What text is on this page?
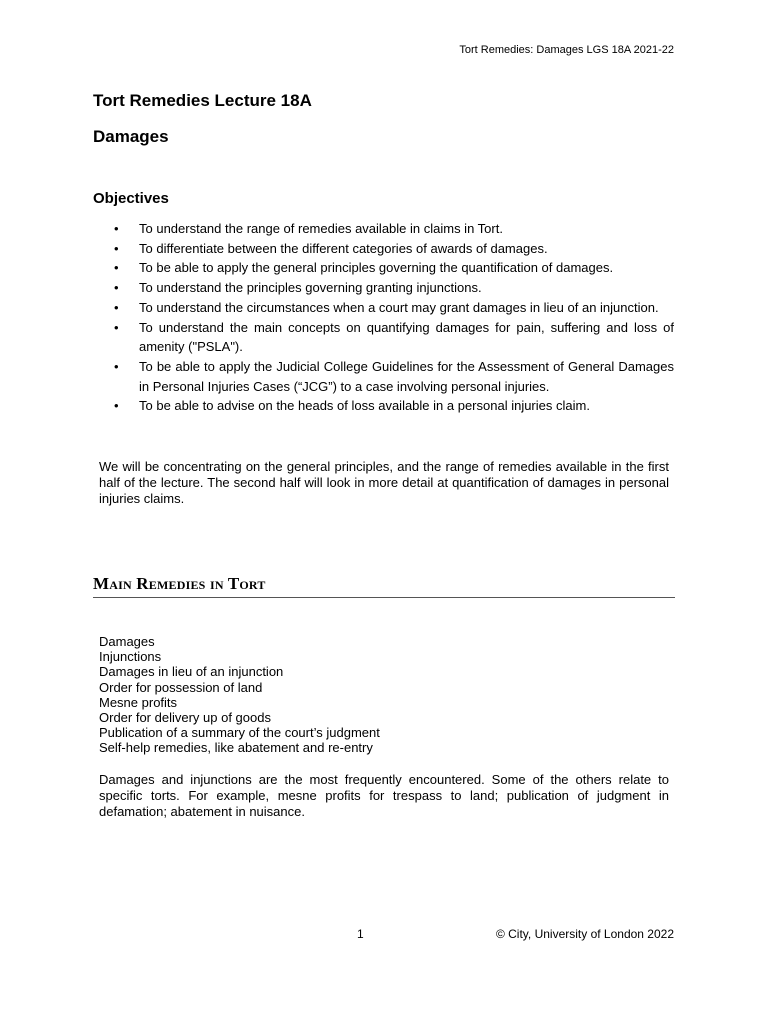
Tort Remedies: Damages LGS 18A 2021-22
Tort Remedies Lecture 18A
Damages
Objectives
• To understand the range of remedies available in claims in Tort.
• To differentiate between the different categories of awards of damages.
• To be able to apply the general principles governing the quantification of damages.
• To understand the principles governing granting injunctions.
• To understand the circumstances when a court may grant damages in lieu of an injunction.
• To understand the main concepts on quantifying damages for pain, suffering and loss of amenity ("PSLA").
• To be able to apply the Judicial College Guidelines for the Assessment of General Damages in Personal Injuries Cases (“JCG”) to a case involving personal injuries.
• To be able to advise on the heads of loss available in a personal injuries claim.

We will be concentrating on the general principles, and the range of remedies available in the first half of the lecture. The second half will look in more detail at quantification of damages in personal injuries claims.

Main Remedies in Tort
Damages
Injunctions
Damages in lieu of an injunction
Order for possession of land
Mesne profits
Order for delivery up of goods
Publication of a summary of the court’s judgment
Self-help remedies, like abatement and re-entry

Damages and injunctions are the most frequently encountered. Some of the others relate to specific torts. For example, mesne profits for trespass to land; publication of judgment in defamation; abatement in nuisance.

1	© City, University of London 2022
